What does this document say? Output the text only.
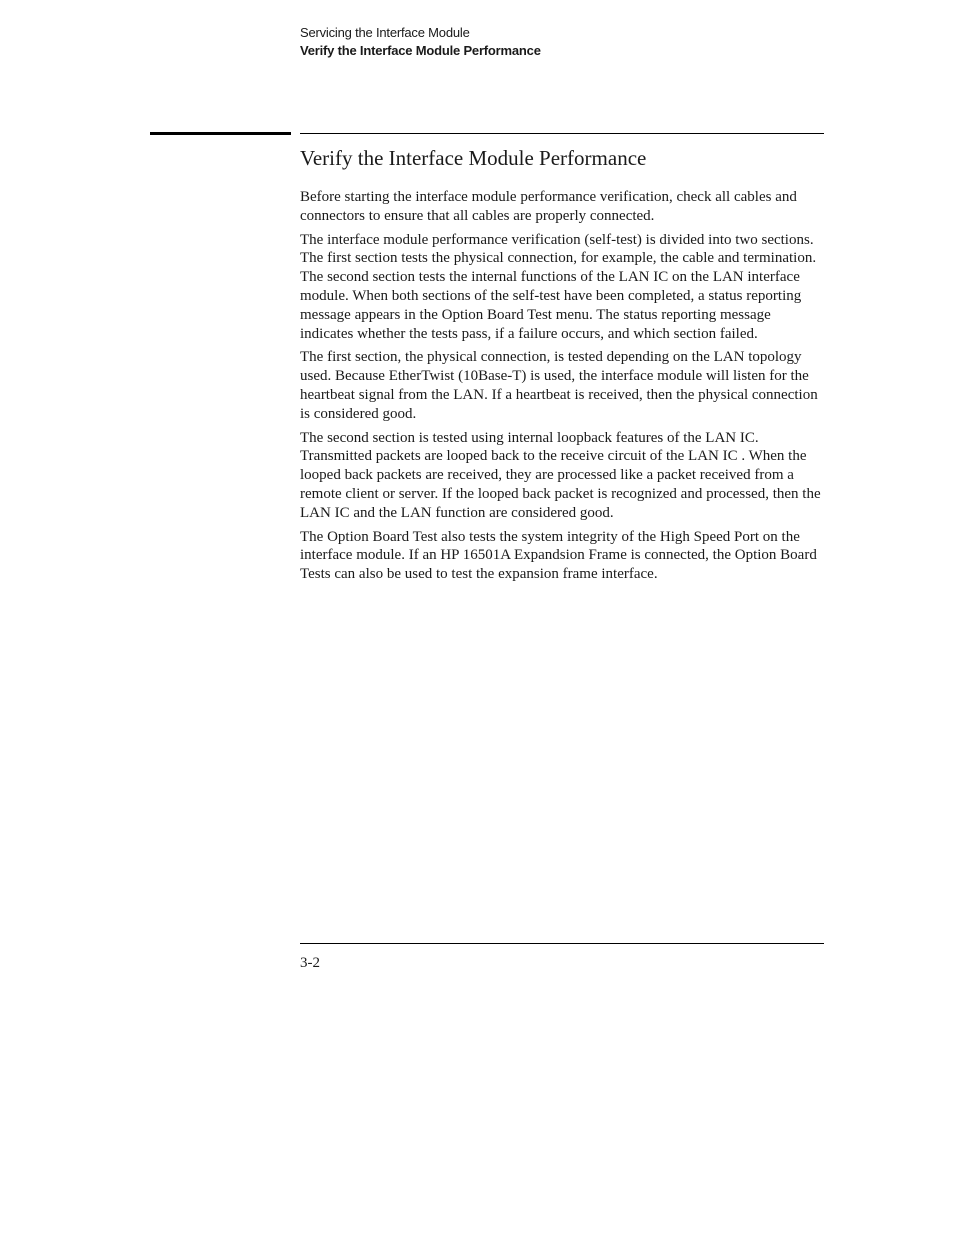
Servicing the Interface Module
Verify the Interface Module Performance
Verify the Interface Module Performance

Before starting the interface module performance verification, check all cables and connectors to ensure that all cables are properly connected.

The interface module performance verification (self-test) is divided into two sections. The first section tests the physical connection, for example, the cable and termination. The second section tests the internal functions of the LAN IC on the LAN interface module. When both sections of the self-test have been completed, a status reporting message appears in the Option Board Test menu. The status reporting message indicates whether the tests pass, if a failure occurs, and which section failed.

The first section, the physical connection, is tested depending on the LAN topology used. Because EtherTwist (10Base-T) is used, the interface module will listen for the heartbeat signal from the LAN. If a heartbeat is received, then the physical connection is considered good.

The second section is tested using internal loopback features of the LAN IC. Transmitted packets are looped back to the receive circuit of the LAN IC . When the looped back packets are received, they are processed like a packet received from a remote client or server. If the looped back packet is recognized and processed, then the LAN IC and the LAN function are considered good.

The Option Board Test also tests the system integrity of the High Speed Port on the interface module. If an HP 16501A Expandsion Frame is connected, the Option Board Tests can also be used to test the expansion frame interface.

3-2
